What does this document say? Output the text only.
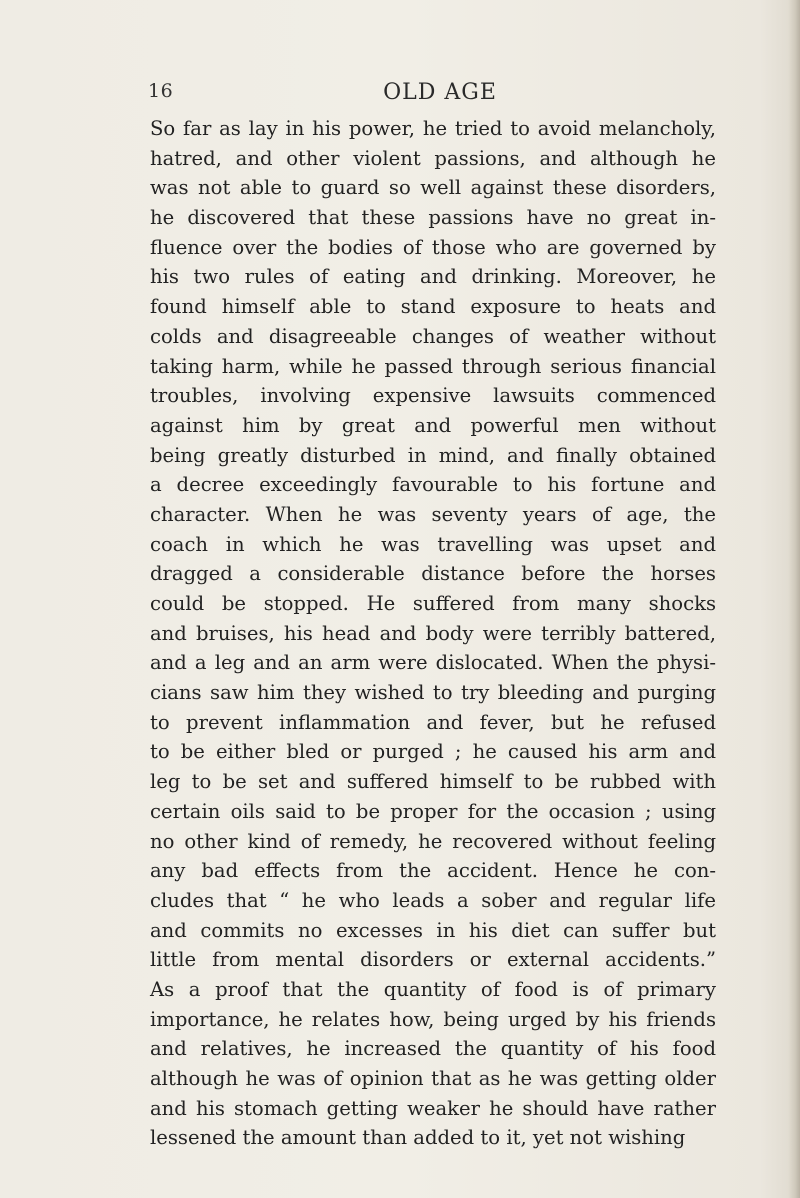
16	OLD AGE
So far as lay in his power, he tried to avoid melancholy,
hatred, and other violent passions, and although he
was not able to guard so well against these disorders,
he discovered that these passions have no great in-
fluence over the bodies of those who are governed by
his two rules of eating and drinking. Moreover, he
found himself able to stand exposure to heats and
colds and disagreeable changes of weather without
taking harm, while he passed through serious financial
troubles, involving expensive lawsuits commenced
against him by great and powerful men without
being greatly disturbed in mind, and finally obtained
a decree exceedingly favourable to his fortune and
character. When he was seventy years of age, the
coach in which he was travelling was upset and
dragged a considerable distance before the horses
could be stopped. He suffered from many shocks
and bruises, his head and body were terribly battered,
and a leg and an arm were dislocated. When the physi-
cians saw him they wished to try bleeding and purging
to prevent inflammation and fever, but he refused
to be either bled or purged ; he caused his arm and
leg to be set and suffered himself to be rubbed with
certain oils said to be proper for the occasion ; using
no other kind of remedy, he recovered without feeling
any bad effects from the accident. Hence he con-
cludes that “ he who leads a sober and regular life
and commits no excesses in his diet can suffer but
little from mental disorders or external accidents.”
As a proof that the quantity of food is of primary
importance, he relates how, being urged by his friends
and relatives, he increased the quantity of his food
although he was of opinion that as he was getting older
and his stomach getting weaker he should have rather
lessened the amount than added to it, yet not wishing
